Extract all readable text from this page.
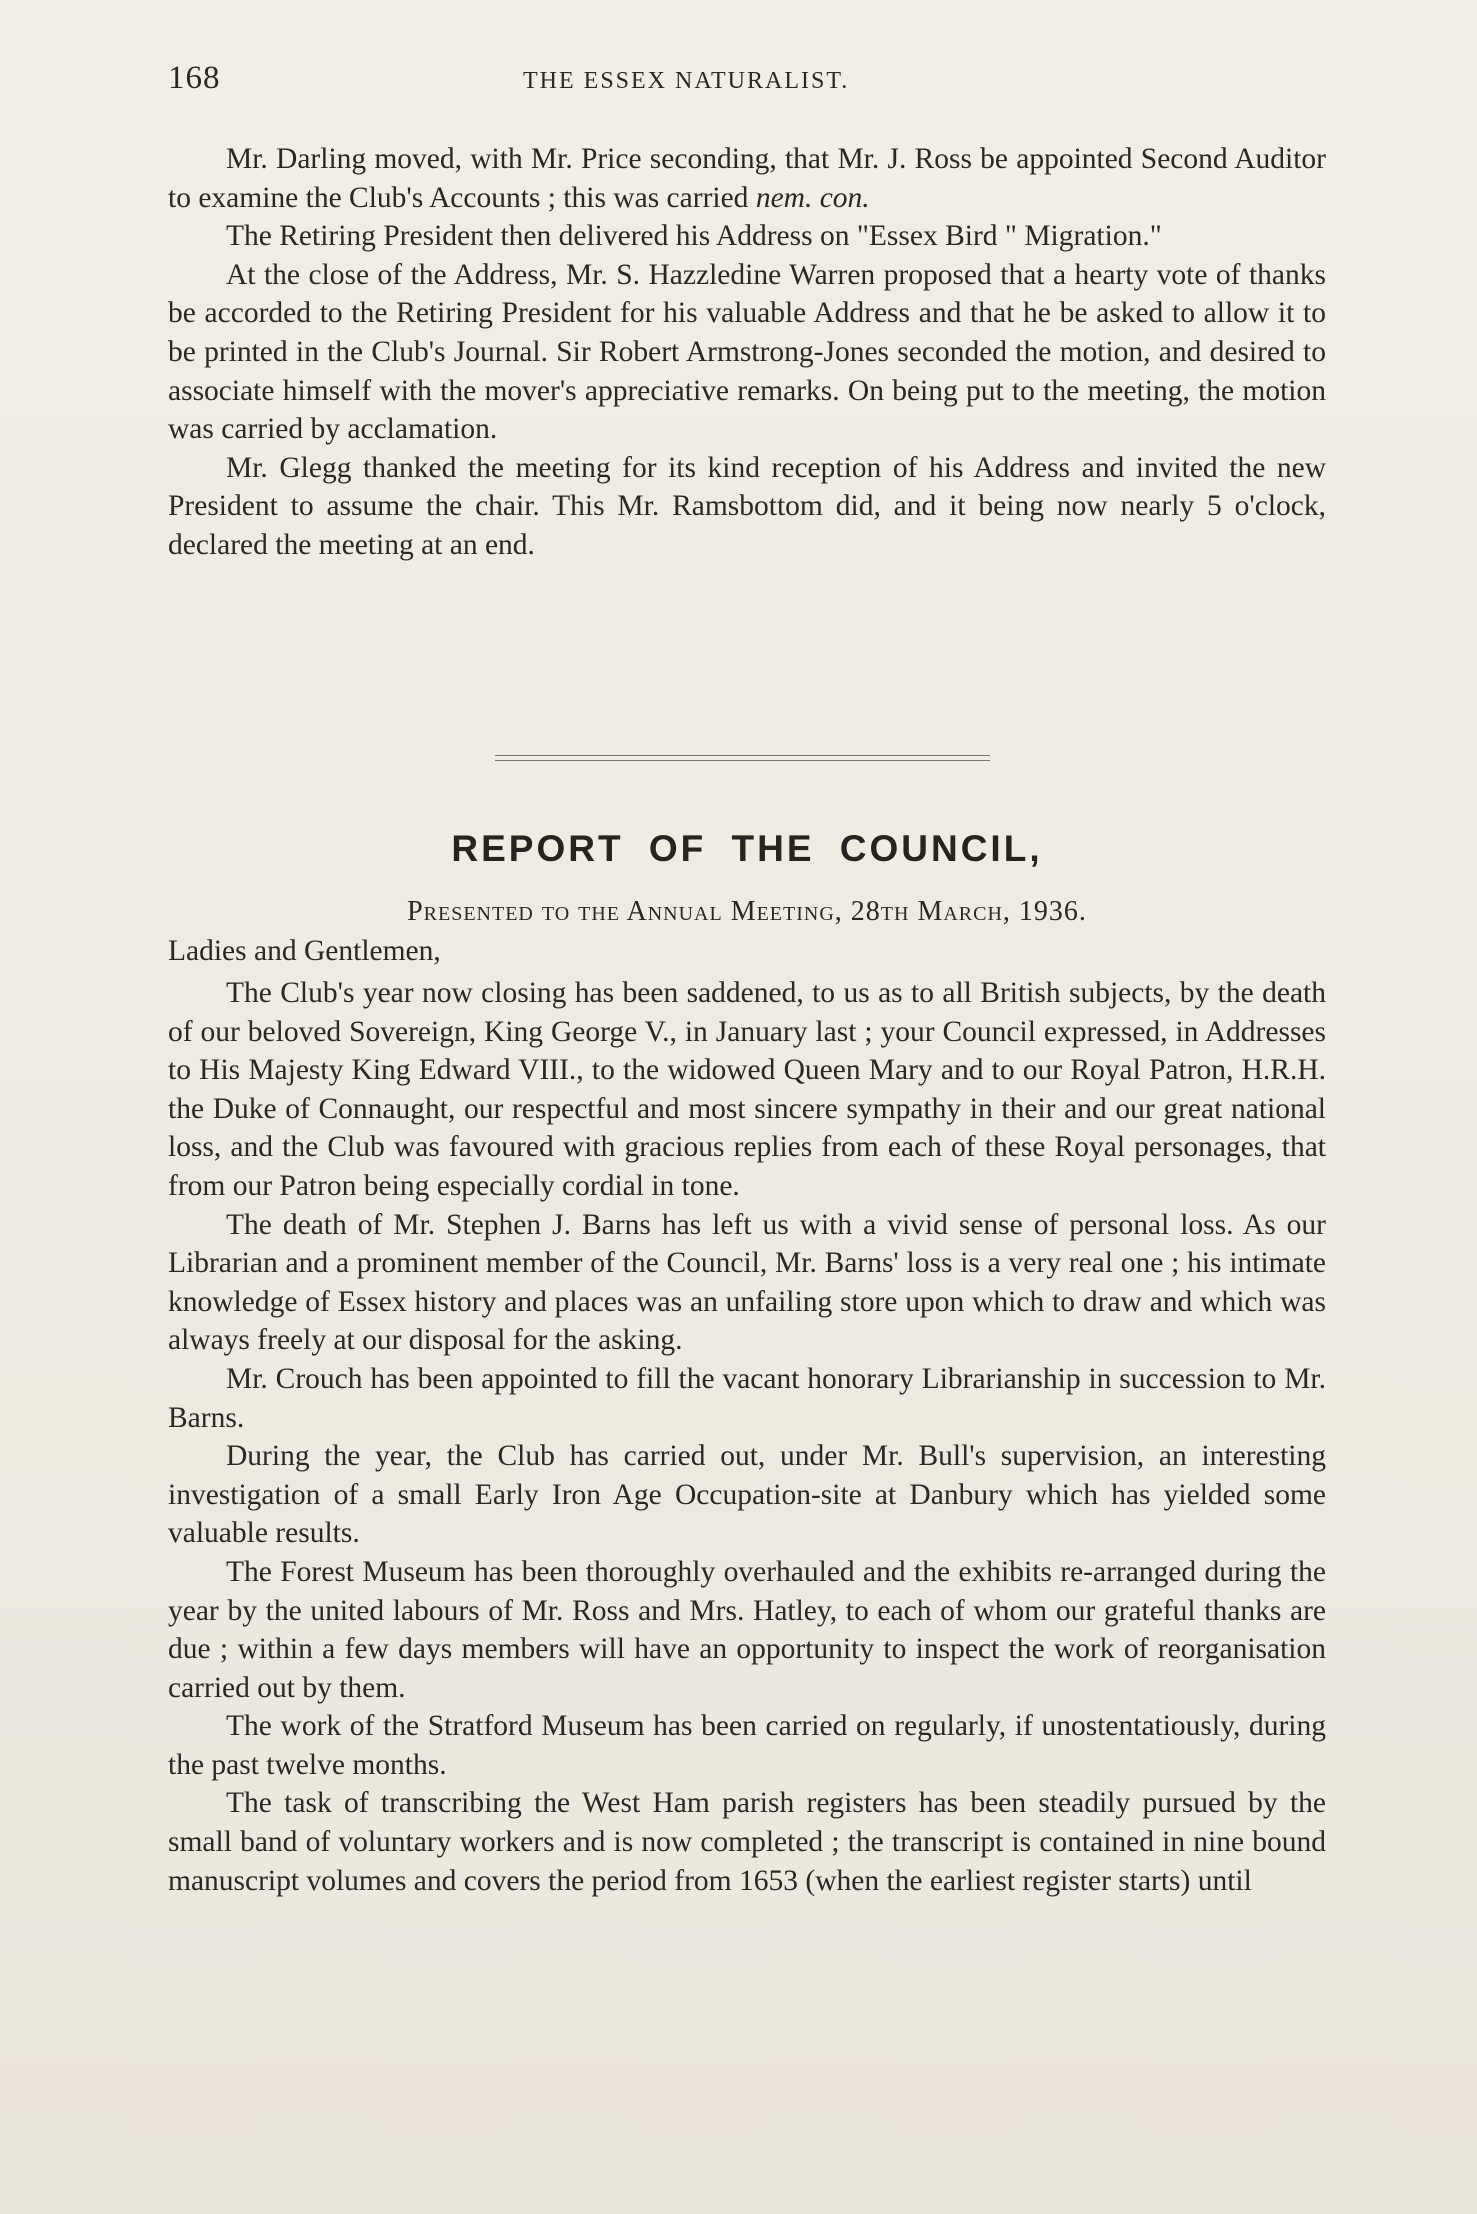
168	THE ESSEX NATURALIST.

Mr. Darling moved, with Mr. Price seconding, that Mr. J. Ross be appointed Second Auditor to examine the Club's Accounts ; this was carried nem. con.

The Retiring President then delivered his Address on "Essex Bird " Migration."

At the close of the Address, Mr. S. Hazzledine Warren proposed that a hearty vote of thanks be accorded to the Retiring President for his valuable Address and that he be asked to allow it to be printed in the Club's Journal. Sir Robert Armstrong-Jones seconded the motion, and desired to associate himself with the mover's appreciative remarks. On being put to the meeting, the motion was carried by acclamation.

Mr. Glegg thanked the meeting for its kind reception of his Address and invited the new President to assume the chair. This Mr. Ramsbottom did, and it being now nearly 5 o'clock, declared the meeting at an end.

REPORT OF THE COUNCIL,
Presented to the Annual Meeting, 28th March, 1936.
Ladies and Gentlemen,

The Club's year now closing has been saddened, to us as to all British subjects, by the death of our beloved Sovereign, King George V., in January last ; your Council expressed, in Addresses to His Majesty King Edward VIII., to the widowed Queen Mary and to our Royal Patron, H.R.H. the Duke of Connaught, our respectful and most sincere sympathy in their and our great national loss, and the Club was favoured with gracious replies from each of these Royal personages, that from our Patron being especially cordial in tone.

The death of Mr. Stephen J. Barns has left us with a vivid sense of personal loss. As our Librarian and a prominent member of the Council, Mr. Barns' loss is a very real one ; his intimate knowledge of Essex history and places was an unfailing store upon which to draw and which was always freely at our disposal for the asking.

Mr. Crouch has been appointed to fill the vacant honorary Librarianship in succession to Mr. Barns.

During the year, the Club has carried out, under Mr. Bull's supervision, an interesting investigation of a small Early Iron Age Occupation-site at Danbury which has yielded some valuable results.

The Forest Museum has been thoroughly overhauled and the exhibits re-arranged during the year by the united labours of Mr. Ross and Mrs. Hatley, to each of whom our grateful thanks are due ; within a few days members will have an opportunity to inspect the work of reorganisation carried out by them.

The work of the Stratford Museum has been carried on regularly, if unostentatiously, during the past twelve months.

The task of transcribing the West Ham parish registers has been steadily pursued by the small band of voluntary workers and is now completed ; the transcript is contained in nine bound manuscript volumes and covers the period from 1653 (when the earliest register starts) until
